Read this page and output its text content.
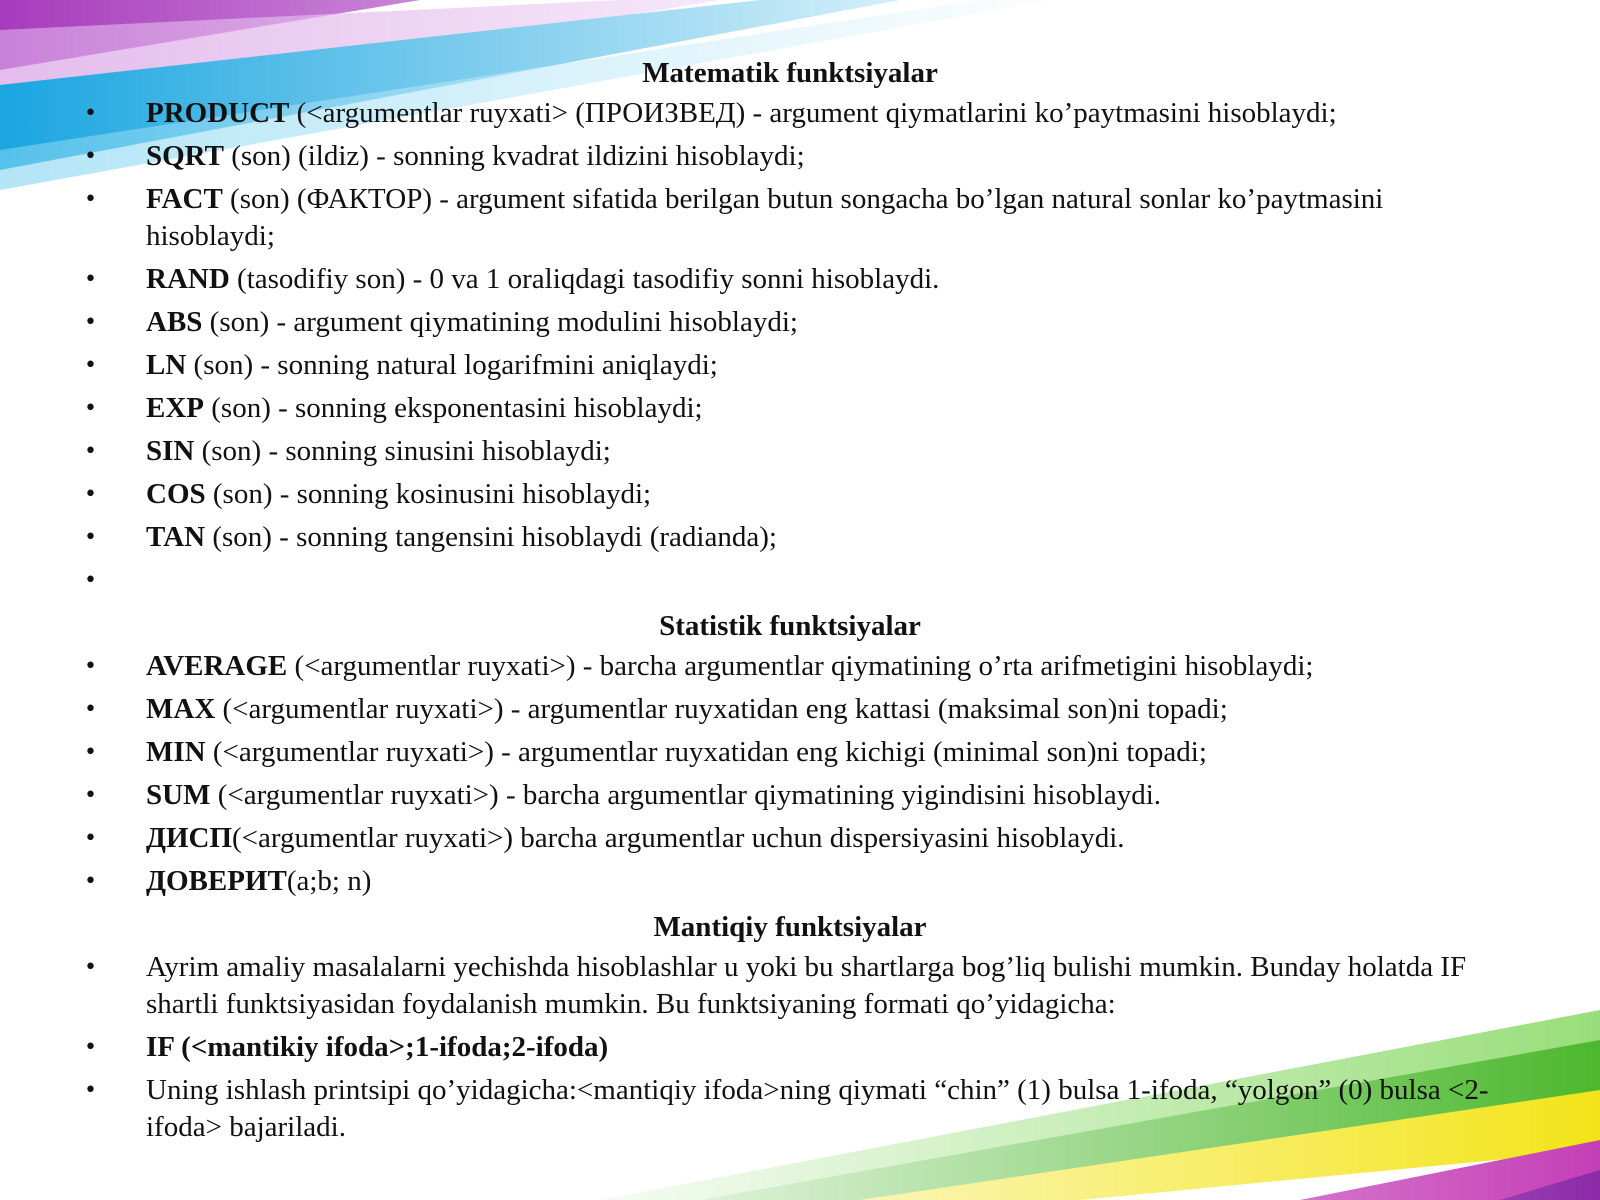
Matematik funktsiyalar
• PRODUCT (<argumentlar ruyxati> (ПРОИЗВЕД) - argument qiymatlarini ko’paytmasini hisoblaydi;
• SQRT (son) (ildiz) - sonning kvadrat ildizini hisoblaydi;
• FACT (son) (ФАКТОР) - argument sifatida berilgan butun songacha bo’lgan natural sonlar ko’paytmasini hisoblaydi;
• RAND (tasodifiy son) - 0 va 1 oraliqdagi tasodifiy sonni hisoblaydi.
• ABS (son) - argument qiymatining modulini hisoblaydi;
• LN (son) - sonning natural logarifmini aniqlaydi;
• EXP (son) - sonning eksponentasini hisoblaydi;
• SIN (son) - sonning sinusini hisoblaydi;
• COS (son) - sonning kosinusini hisoblaydi;
• TAN (son) - sonning tangensini hisoblaydi (radianda);
•
Statistik funktsiyalar
• AVERAGE (<argumentlar ruyxati>) - barcha argumentlar qiymatining o’rta arifmetigini hisoblaydi;
• MAX (<argumentlar ruyxati>) - argumentlar ruyxatidan eng kattasi (maksimal son)ni topadi;
• MIN (<argumentlar ruyxati>) - argumentlar ruyxatidan eng kichigi (minimal son)ni topadi;
• SUM (<argumentlar ruyxati>) - barcha argumentlar qiymatining yigindisini hisoblaydi.
• ДИСП(<argumentlar ruyxati>) barcha argumentlar uchun dispersiyasini hisoblaydi.
• ДОВЕРИТ(a;b; n)
Mantiqiy funktsiyalar
• Ayrim amaliy masalalarni yechishda hisoblashlar u yoki bu shartlarga bog’liq bulishi mumkin. Bunday holatda IF shartli funktsiyasidan foydalanish mumkin. Bu funktsiyaning formati qo’yidagicha:
• IF (<mantikiy ifoda>;1-ifoda;2-ifoda)
• Uning ishlash printsipi qo’yidagicha:<mantiqiy ifoda>ning qiymati “chin” (1) bulsa 1-ifoda, “yolgon” (0) bulsa <2-ifoda> bajariladi.
